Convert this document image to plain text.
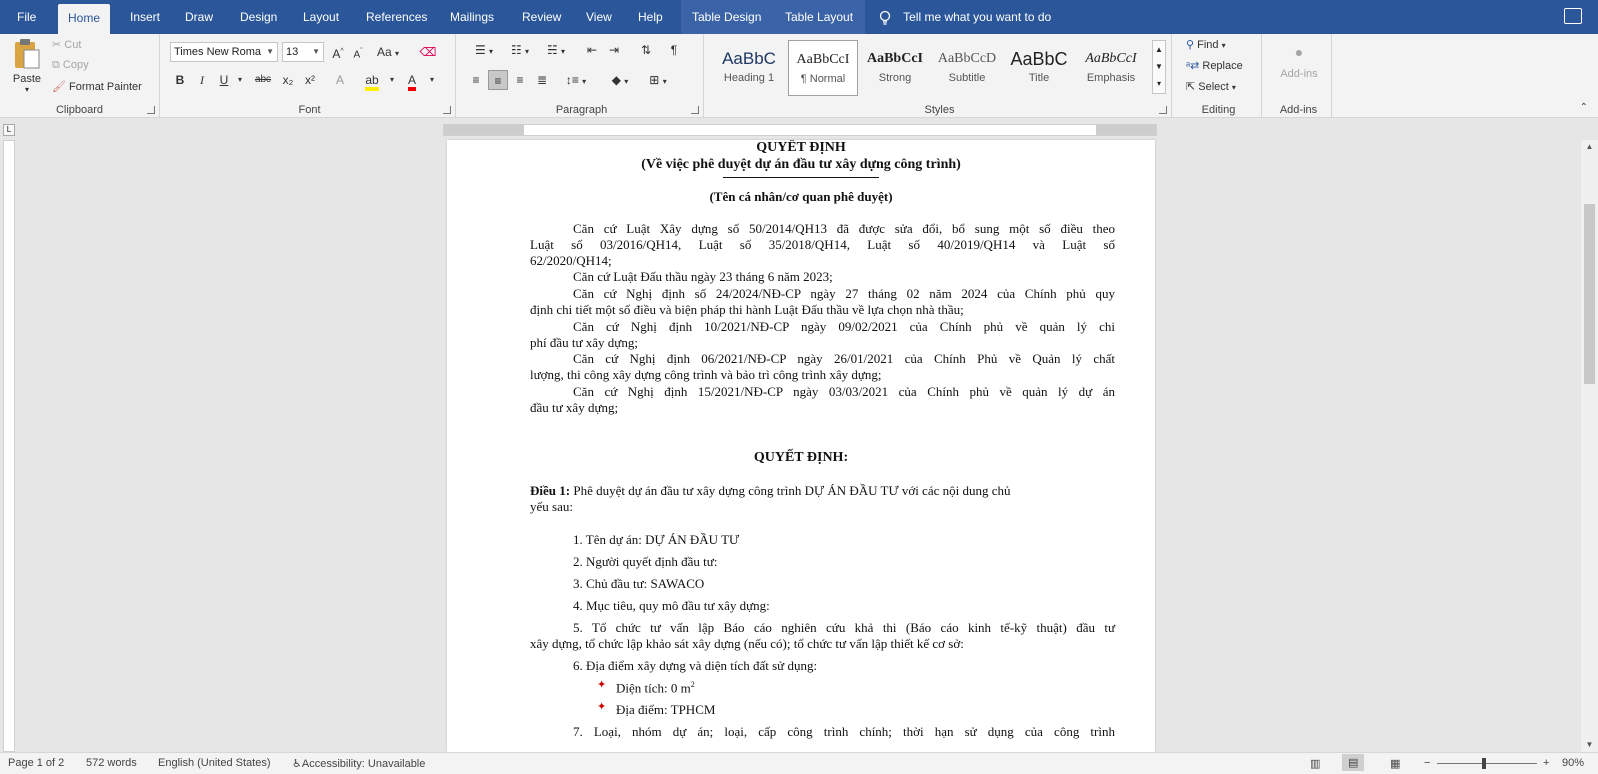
File	Home	Insert Draw Design Layout References Mailings Review View Help Table Design Table Layout	Tell me what you want to do
Paste
▾
✂ Cut
⧉ Copy
🖌 Format Painter
Clipboard
Times New Roma ▼	13 ▼	A^ $A^ˇ$	Aa ▾	⌫
B	I	U	▾	abc x₂ x²	A	ab	▾	A	▾
Font
☰ ▾	☷ ▾	☵ ▾	⇤ ⇥	⇅	¶
≡	≡	≡	≣	↕≡ ▾	◆ ▾	⊞ ▾
Paragraph
AaBbC
Heading 1
AaBbCcI
¶ Normal
AaBbCcI
Strong
AaBbCcD
Subtitle
AaBbC
Title
AaBbCcI
Emphasis
▲
▼
▾
Styles
⚲ Find ▾
ᵃ⇄ Replace
⇱ Select ▾
Editing
●
Add-ins
Add-ins	⌃
L
QUYẾT ĐỊNH
(Về việc phê duyệt dự án đầu tư xây dựng công trình)
(Tên cá nhân/cơ quan phê duyệt)
Căn cứ Luật Xây dựng số 50/2014/QH13 đã được sửa đổi, bổ sung một số điều theo
Luật số 03/2016/QH14, Luật số 35/2018/QH14, Luật số 40/2019/QH14 và Luật số
62/2020/QH14;
Căn cứ Luật Đấu thầu ngày 23 tháng 6 năm 2023;
Căn cứ Nghị định số 24/2024/NĐ-CP ngày 27 tháng 02 năm 2024 của Chính phủ quy
định chi tiết một số điều và biện pháp thi hành Luật Đấu thầu về lựa chọn nhà thầu;
Căn cứ Nghị định 10/2021/NĐ-CP ngày 09/02/2021 của Chính phủ về quản lý chi
phí đầu tư xây dựng;
Căn cứ Nghị định 06/2021/NĐ-CP ngày 26/01/2021 của Chính Phủ về Quản lý chất
lượng, thi công xây dựng công trình và bảo trì công trình xây dựng;
Căn cứ Nghị định 15/2021/NĐ-CP ngày 03/03/2021 của Chính phủ về quản lý dự án
đầu tư xây dựng;
QUYẾT ĐỊNH:
Điều 1: Phê duyệt dự án đầu tư xây dựng công trình DỰ ÁN ĐẦU TƯ với các nội dung chủ
yếu sau:
1. Tên dự án: DỰ ÁN ĐẦU TƯ
2. Người quyết định đầu tư:
3. Chủ đầu tư: SAWACO
4. Mục tiêu, quy mô đầu tư xây dựng:
5. Tổ chức tư vấn lập Báo cáo nghiên cứu khả thi (Báo cáo kinh tế-kỹ thuật) đầu tư
xây dựng, tổ chức lập khảo sát xây dựng (nếu có); tổ chức tư vấn lập thiết kế cơ sở:
6. Địa điểm xây dựng và diện tích đất sử dụng:
✦ Diện tích: 0 $m^2$
✦ Địa điểm: TPHCM
7. Loại, nhóm dự án; loại, cấp công trình chính; thời hạn sử dụng của công trình
▲
▼
Page 1 of 2 572 words English (United States) ♿Accessibility: Unavailable	▥	▤	▦ −	+ 90%
